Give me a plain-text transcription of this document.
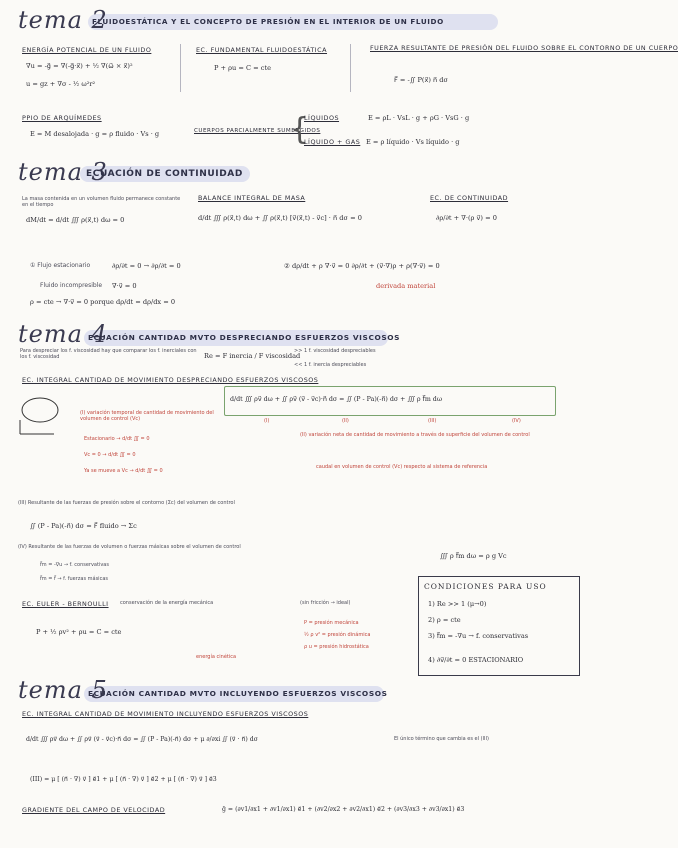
tema 2
FLUIDOESTÁTICA Y EL CONCEPTO DE PRESIÓN EN EL INTERIOR DE UN FLUIDO
ENERGÍA POTENCIAL DE UN FLUIDO
∇u = -g⃗ = ∇(-g⃗·x⃗) + ½ ∇(ω⃗ × x⃗)²
u = gz + ∇σ - ½ ω²r²
EC. FUNDAMENTAL FLUIDOESTÁTICA
P + ρu = C = cte
FUERZA RESULTANTE DE PRESIÓN DEL FLUIDO SOBRE EL CONTORNO DE UN CUERPO
F⃗ = -∬ P(x⃗) n⃗ dσ
PPIO DE ARQUÍMEDES
E = M desalojada · g = ρ fluido · Vs · g	CUERPOS PARCIALMENTE SUMERGIDOS
{
LÍQUIDOS	E = ρL · VsL · g + ρG · VsG · g
LÍQUIDO + GAS E = ρ líquido · Vs líquido · g
tema 3
ECUACIÓN DE CONTINUIDAD
La masa contenida en un volumen fluido permanece constante en el tiempo
dM/dt = d/dt ∭ ρ(x⃗,t) dω = 0
BALANCE INTEGRAL DE MASA
d/dt ∭ ρ(x⃗,t) dω + ∬ ρ(x⃗,t) [v⃗(x⃗,t) - v⃗c] · n⃗ dσ = 0
EC. DE CONTINUIDAD
∂ρ/∂t + ∇·(ρ v⃗) = 0
① Flujo estacionario	∂ρ/∂t = 0 → ∂ρ/∂t = 0
Fluido incompresible ∇·v⃗ = 0
ρ = cte → ∇·v⃗ = 0 porque dρ/dt = dρ/dx = 0
② dρ/dt + ρ ∇·v⃗ = 0 ∂ρ/∂t + (v⃗·∇)ρ + ρ(∇·v⃗) = 0
derivada material
tema 4
ECUACIÓN CANTIDAD MVTO DESPRECIANDO ESFUERZOS VISCOSOS
Para despreciar los f. viscosidad hay que comparar los f. inerciales con los f. viscosidad	Re = F inercia / F viscosidad
>> 1 f. viscosidad despreciables
<< 1 f. inercia despreciables
EC. INTEGRAL CANTIDAD DE MOVIMIENTO DESPRECIANDO ESFUERZOS VISCOSOS
d/dt ∭ ρv⃗ dω + ∬ ρv⃗ (v⃗ - v⃗c)·n⃗ dσ = ∬ (P - Pa)(-n⃗) dσ + ∭ ρ f⃗m dω
(I)	(II)	(III)	(IV)
(I) variación temporal de cantidad de movimiento del volumen de control (Vc)
Estacionario → d/dt ∭ = 0
Vc = 0 → d/dt ∭ = 0
Ya se mueve a Vc → d/dt ∭ = 0
(II) variación neta de cantidad de movimiento a través de superficie del volumen de control
caudal en volumen de control (Vc) respecto al sistema de referencia
(III) Resultante de las fuerzas de presión sobre el contorno (Σc) del volumen de control
∬ (P - Pa)(-n⃗) dσ = F⃗ fluido → Σc
(IV) Resultante de las fuerzas de volumen o fuerzas másicas sobre el volumen de control
∭ ρ f⃗m dω = ρ g Vc
f⃗m = -∇u → f. conservativas
f⃗m = f⃗ → f. fuerzas másicas
EC. EULER - BERNOULLI conservación de la energía mecánica	(sin fricción → ideal)
P + ½ ρv² + ρu = C = cte
P = presión mecánica
½ ρ v² = presión dinámica
ρ u = presión hidrostática
energía cinética
CONDICIONES PARA USO
1) Re >> 1 (μ→0)
2) ρ = cte
3) f⃗m = -∇u → f. conservativas
4) ∂v⃗/∂t = 0 ESTACIONARIO
tema 5
ECUACIÓN CANTIDAD MVTO INCLUYENDO ESFUERZOS VISCOSOS
EC. INTEGRAL CANTIDAD DE MOVIMIENTO INCLUYENDO ESFUERZOS VISCOSOS
d/dt ∭ ρv⃗ dω + ∬ ρv⃗ (v⃗ - v⃗c)·n⃗ dσ = ∬ (P - Pa)(-n⃗) dσ + μ ∂/∂xi ∬ (v⃗ · n⃗) dσ	El único término que cambia es el (III)
(III) = μ [ (n⃗ · ∇) v⃗ ] e⃗1 + μ [ (n⃗ · ∇) v⃗ ] e⃗2 + μ [ (n⃗ · ∇) v⃗ ] e⃗3
GRADIENTE DEL CAMPO DE VELOCIDAD	ḡ = (∂v1/∂x1 + ∂v1/∂x1) e⃗1 + (∂v2/∂x2 + ∂v2/∂x1) e⃗2 + (∂v3/∂x3 + ∂v3/∂x1) e⃗3
